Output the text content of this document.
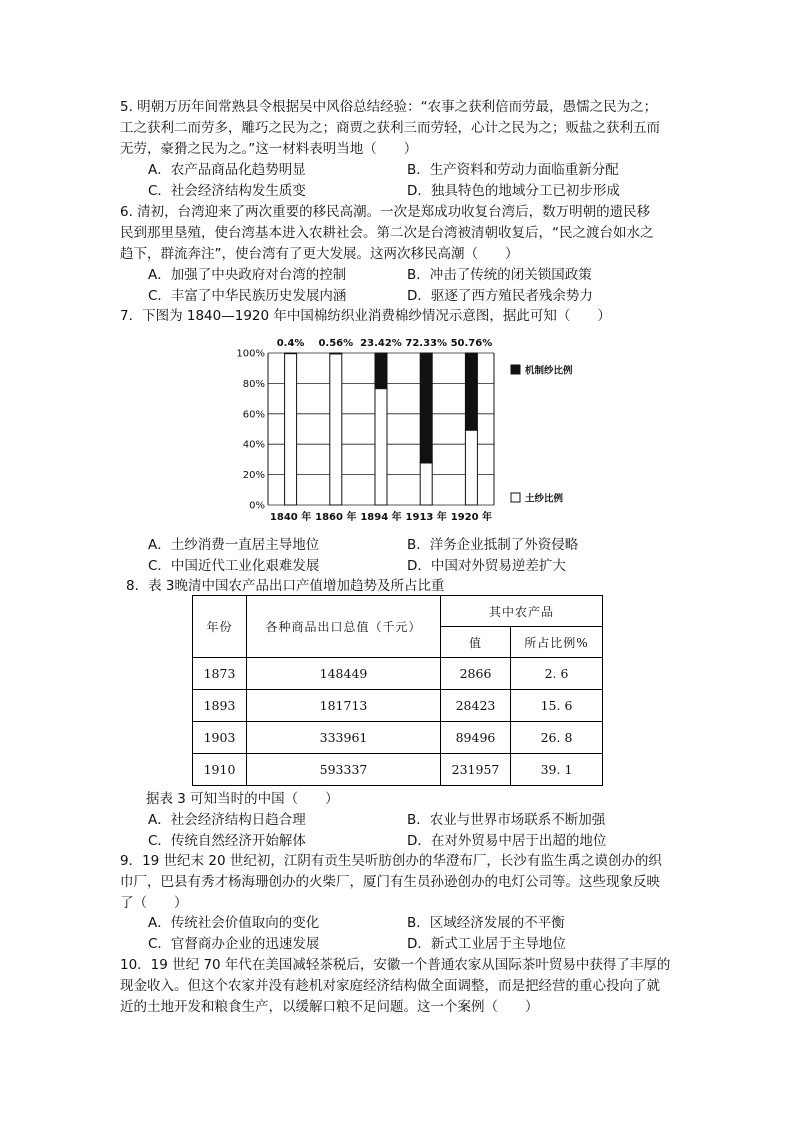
5. 明朝万历年间常熟县令根据吴中风俗总结经验：“农事之获利倍而劳最，愚懦之民为之；
工之获利二而劳多，雕巧之民为之；商贾之获利三而劳轻，心计之民为之；贩盐之获利五而
无劳，豪猾之民为之。”这一材料表明当地（　　）
A．农产品商品化趋势明显	B．生产资料和劳动力面临重新分配
C．社会经济结构发生质变	D．独具特色的地域分工已初步形成
6. 清初，台湾迎来了两次重要的移民高潮。一次是郑成功收复台湾后，数万明朝的遗民移
民到那里垦殖，使台湾基本进入农耕社会。第二次是台湾被清朝收复后，“民之渡台如水之
趋下，群流奔注”，使台湾有了更大发展。这两次移民高潮（　　）
A．加强了中央政府对台湾的控制	B．冲击了传统的闭关锁国政策
C．丰富了中华民族历史发展内涵	D．驱逐了西方殖民者残余势力
7．下图为 1840—1920 年中国棉纺织业消费棉纱情况示意图，据此可知（　　）
100%
80%
60%
40%
20%
0%
0.4%
1840 年
0.56%
1860 年
23.42%
1894 年
72.33%
1913 年
50.76%
1920 年
机制纱比例
土纱比例
A．土纱消费一直居主导地位	B．洋务企业抵制了外资侵略
C．中国近代工业化艰难发展	D．中国对外贸易逆差扩大
8．表 3晚清中国农产品出口产值增加趋势及所占比重
年份	各种商品出口总值（千元）	其中农产品	
		值	所占比例%
1873	148449	2866	2. 6
1893	181713	28423	15. 6
1903	333961	89496	26. 8
1910	593337	231957	39. 1
据表 3 可知当时的中国（　　）
A．社会经济结构日趋合理	B．农业与世界市场联系不断加强
C．传统自然经济开始解体	D．在对外贸易中居于出超的地位
9．19 世纪末 20 世纪初，江阴有贡生吴听肪创办的华澄布厂，长沙有监生禹之谟创办的织
巾厂，巴县有秀才杨海珊创办的火柴厂，厦门有生员孙逊创办的电灯公司等。这些现象反映
了（　　）
A．传统社会价值取向的变化	B．区域经济发展的不平衡
C．官督商办企业的迅速发展	D．新式工业居于主导地位
10．19 世纪 70 年代在美国减轻茶税后，安徽一个普通农家从国际茶叶贸易中获得了丰厚的
现金收入。但这个农家并没有趁机对家庭经济结构做全面调整，而是把经营的重心投向了就
近的土地开发和粮食生产，以缓解口粮不足问题。这一个案例（　　）
